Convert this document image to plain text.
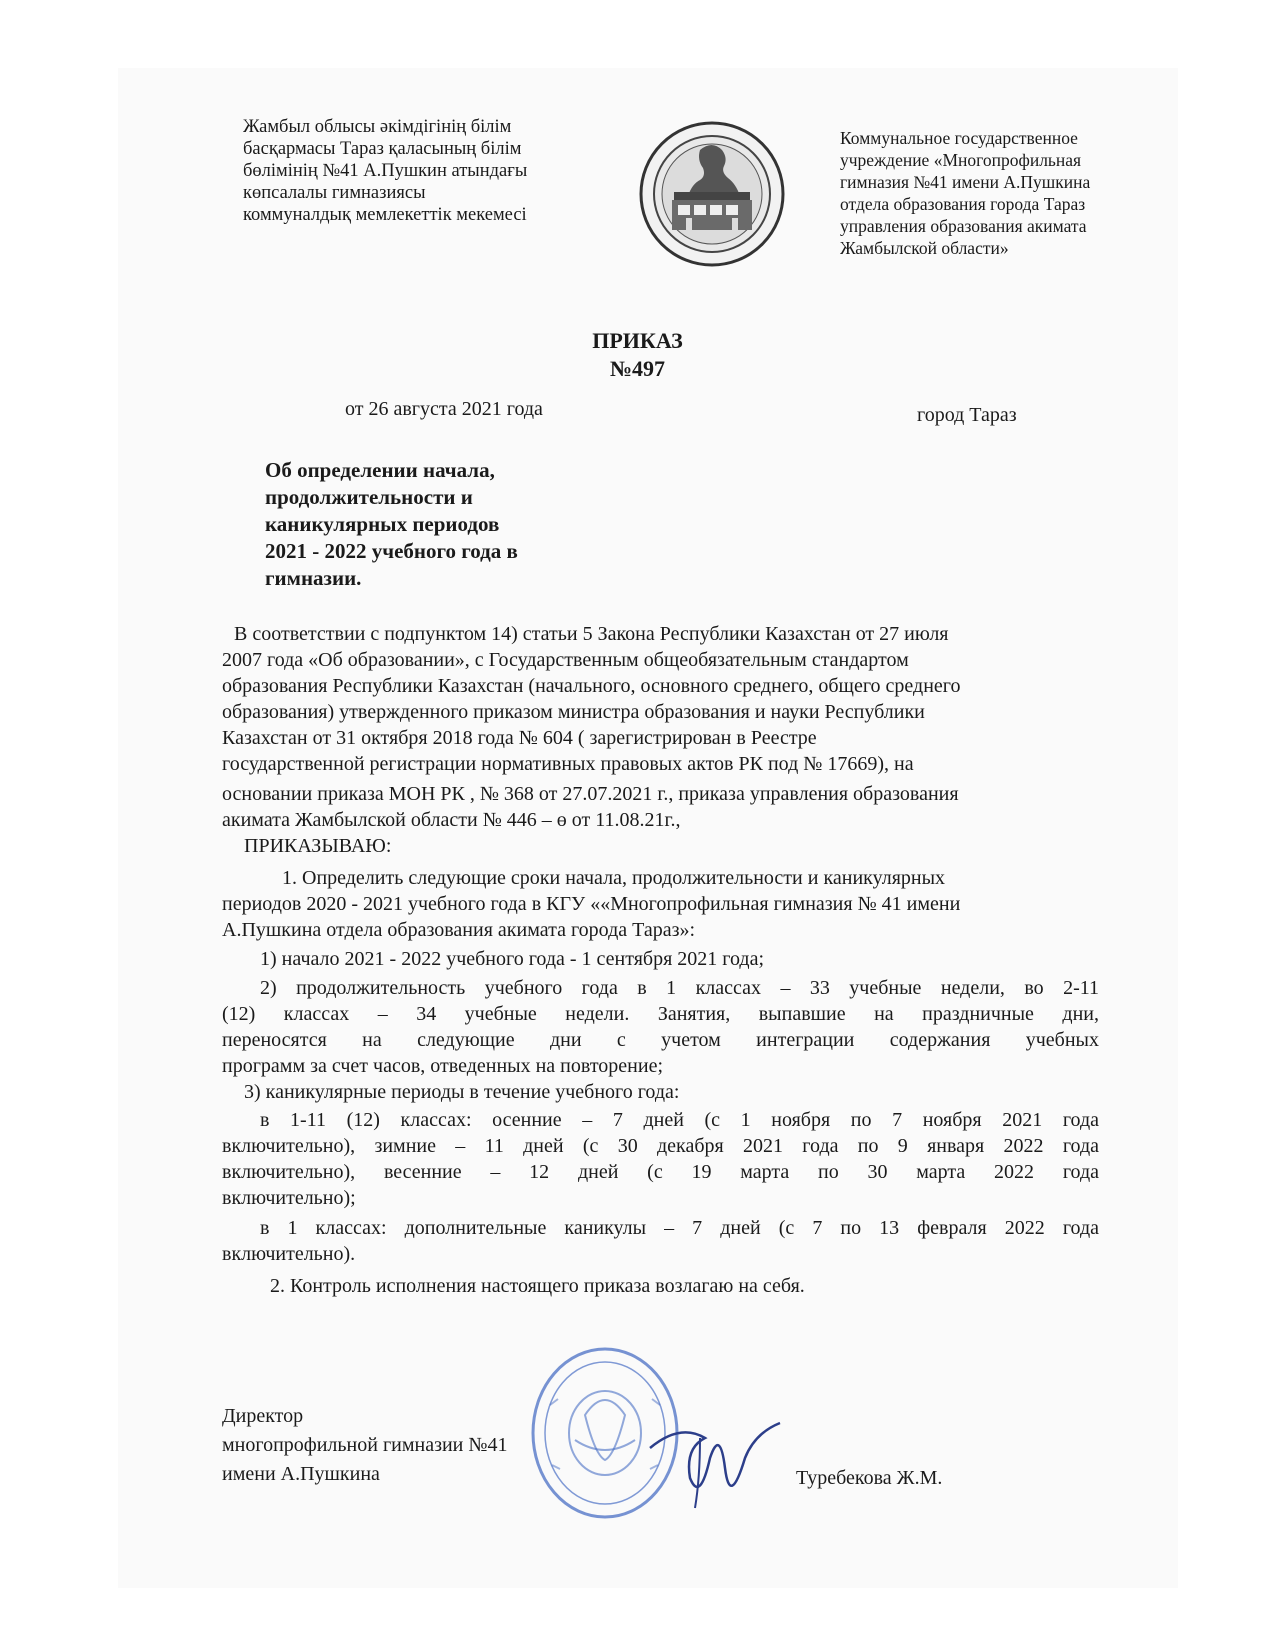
Жамбыл облысы әкімдігінің білім
басқармасы Тараз қаласының білім
бөлімінің №41 А.Пушкин атындағы
көпсалалы гимназиясы
коммуналдық мемлекеттік мекемесі
Коммунальное государственное
учреждение «Многопрофильная
гимназия №41 имени А.Пушкина
отдела образования города Тараз
управления образования акимата
Жамбылской области»
ПРИКАЗ
№497
от 26 августа 2021 года	город Тараз
Об определении начала,
продолжительности и
каникулярных периодов
2021 - 2022 учебного года в
гимназии.
В соответствии с подпунктом 14) статьи 5 Закона Республики Казахстан от 27 июля
2007 года «Об образовании», с Государственным общеобязательным стандартом
образования Республики Казахстан (начального, основного среднего, общего среднего
образования) утвержденного приказом министра образования и науки Республики
Казахстан от 31 октября 2018 года № 604 ( зарегистрирован в Реестре
государственной регистрации нормативных правовых актов РК под № 17669), на
основании приказа МОН РК , № 368 от 27.07.2021 г., приказа управления образования
акимата Жамбылской области № 446 – ө от 11.08.21г.,
ПРИКАЗЫВАЮ:
1. Определить следующие сроки начала, продолжительности и каникулярных
периодов 2020 - 2021 учебного года в КГУ ««Многопрофильная гимназия № 41 имени
А.Пушкина отдела образования акимата города Тараз»:
1) начало 2021 - 2022 учебного года - 1 сентября 2021 года;
2) продолжительность учебного года в 1 классах – 33 учебные недели, во 2-11
(12) классах – 34 учебные недели. Занятия, выпавшие на праздничные дни,
переносятся на следующие дни с учетом интеграции содержания учебных
программ за счет часов, отведенных на повторение;
3) каникулярные периоды в течение учебного года:
в 1-11 (12) классах: осенние – 7 дней (с 1 ноября по 7 ноября 2021 года
включительно), зимние – 11 дней (с 30 декабря 2021 года по 9 января 2022 года
включительно), весенние – 12 дней (с 19 марта по 30 марта 2022 года
включительно);
в 1 классах: дополнительные каникулы – 7 дней (с 7 по 13 февраля 2022 года
включительно).
2. Контроль исполнения настоящего приказа возлагаю на себя.
Директор
многопрофильной гимназии №41
имени А.Пушкина	Туребекова Ж.М.
